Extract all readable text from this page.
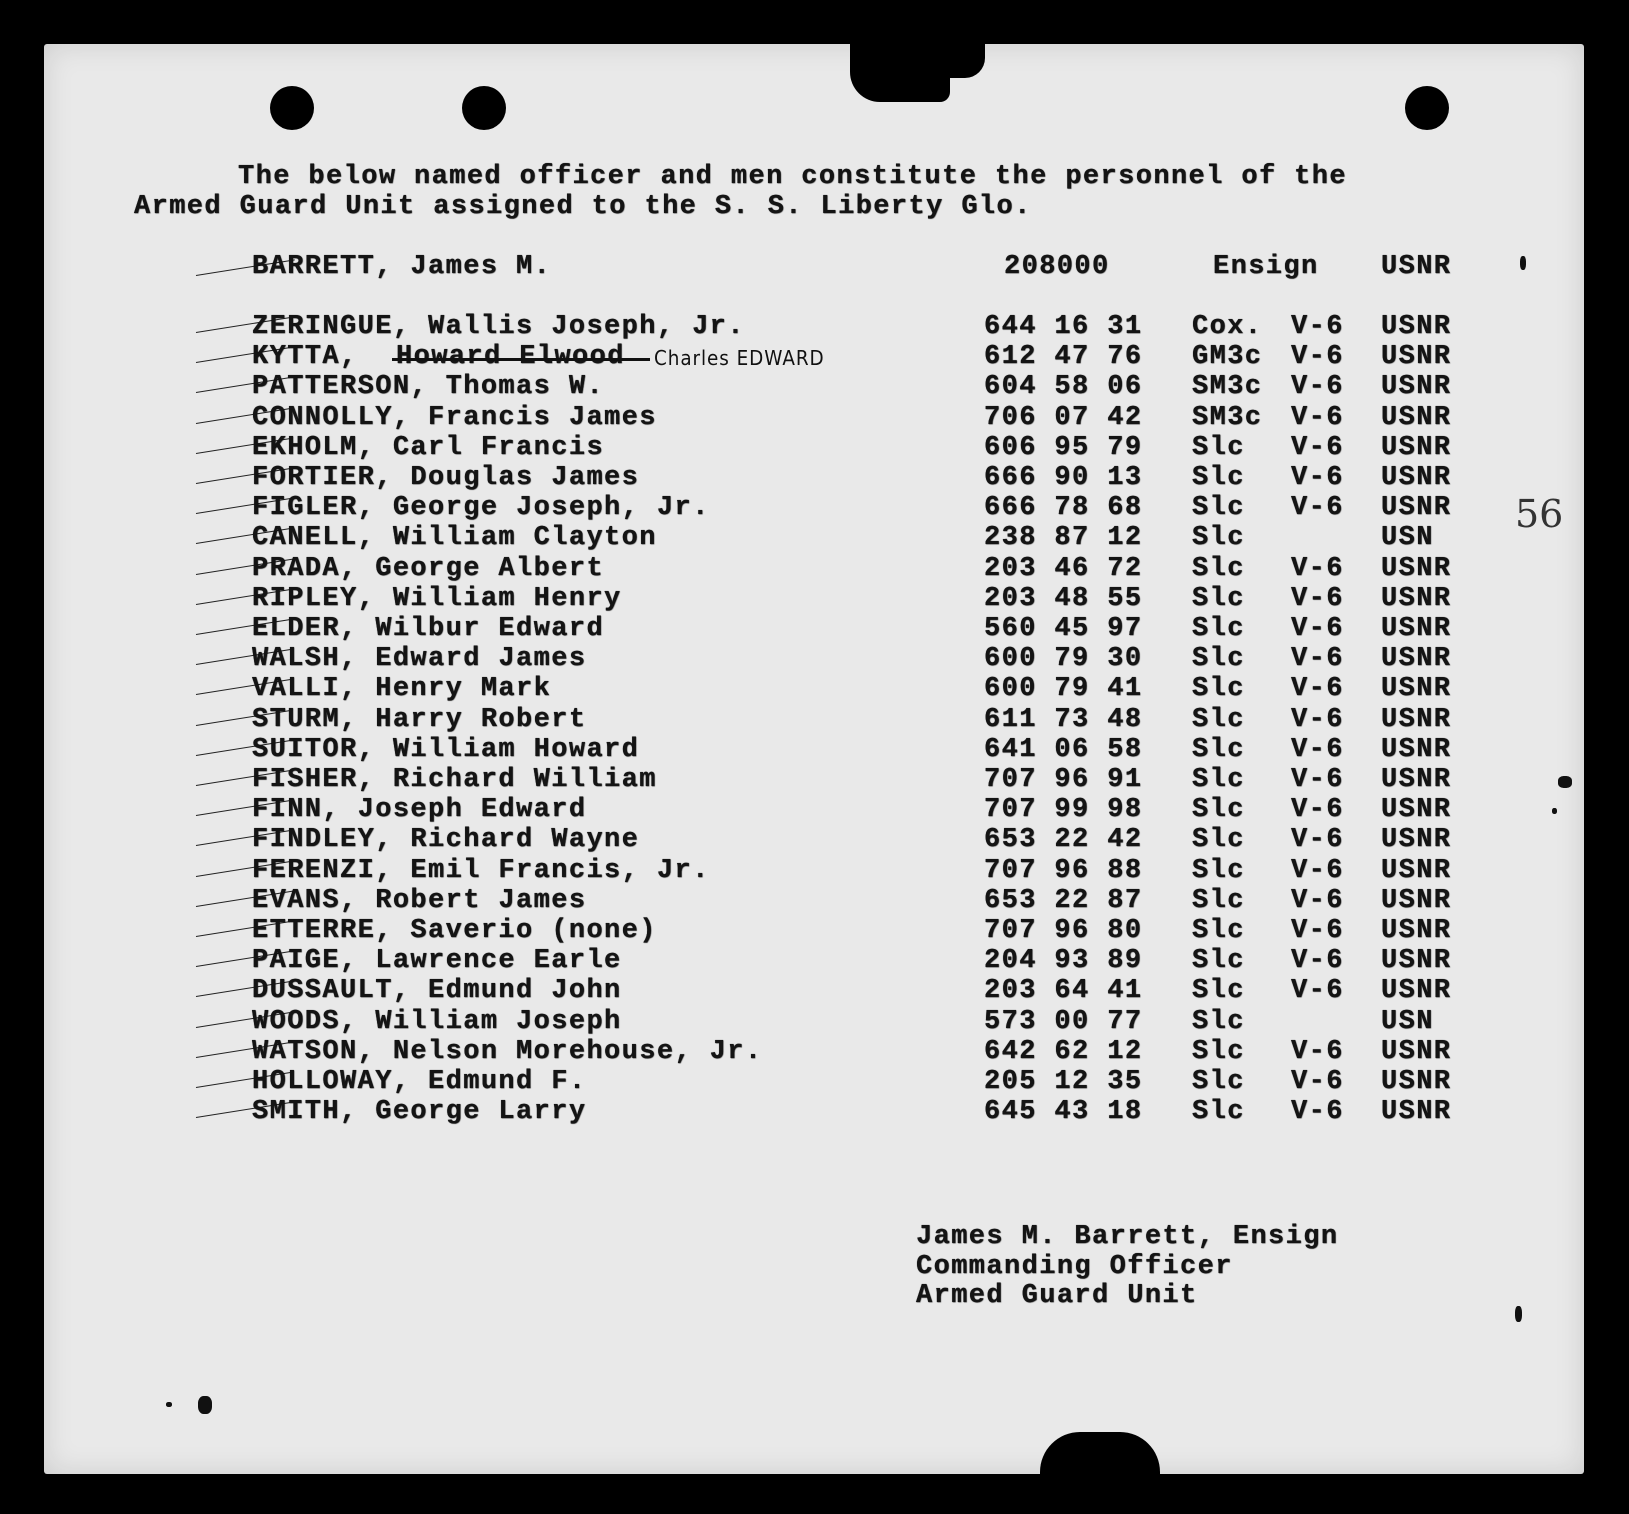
The below named officer and men constitute the personnel of the
Armed Guard Unit assigned to the S. S. Liberty Glo.
BARRETT, James M.	208000	Ensign USNR
ZERINGUE, Wallis Joseph, Jr.	644 16 31 Cox. V-6 USNR
KYTTA, Howard Elwood Charles EDWARD	612 47 76 GM3c V-6 USNR
PATTERSON, Thomas W.	604 58 06 SM3c V-6 USNR
CONNOLLY, Francis James	706 07 42 SM3c V-6 USNR
EKHOLM, Carl Francis	606 95 79 Slc V-6 USNR
FORTIER, Douglas James	666 90 13 Slc V-6 USNR
FIGLER, George Joseph, Jr.	666 78 68 Slc V-6 USNR
CANELL, William Clayton	238 87 12 Slc	USN
PRADA, George Albert	203 46 72 Slc V-6 USNR
RIPLEY, William Henry	203 48 55 Slc V-6 USNR
ELDER, Wilbur Edward	560 45 97 Slc V-6 USNR
WALSH, Edward James	600 79 30 Slc V-6 USNR
VALLI, Henry Mark	600 79 41 Slc V-6 USNR
STURM, Harry Robert	611 73 48 Slc V-6 USNR
SUITOR, William Howard	641 06 58 Slc V-6 USNR
FISHER, Richard William	707 96 91 Slc V-6 USNR
FINN, Joseph Edward	707 99 98 Slc V-6 USNR
FINDLEY, Richard Wayne	653 22 42 Slc V-6 USNR
FERENZI, Emil Francis, Jr.	707 96 88 Slc V-6 USNR
EVANS, Robert James	653 22 87 Slc V-6 USNR
ETTERRE, Saverio (none)	707 96 80 Slc V-6 USNR
PAIGE, Lawrence Earle	204 93 89 Slc V-6 USNR
DUSSAULT, Edmund John	203 64 41 Slc V-6 USNR
WOODS, William Joseph	573 00 77 Slc	USN
WATSON, Nelson Morehouse, Jr.	642 62 12 Slc V-6 USNR
HOLLOWAY, Edmund F.	205 12 35 Slc V-6 USNR
SMITH, George Larry	645 43 18 Slc V-6 USNR
James M. Barrett, Ensign
Commanding Officer
Armed Guard Unit
56
